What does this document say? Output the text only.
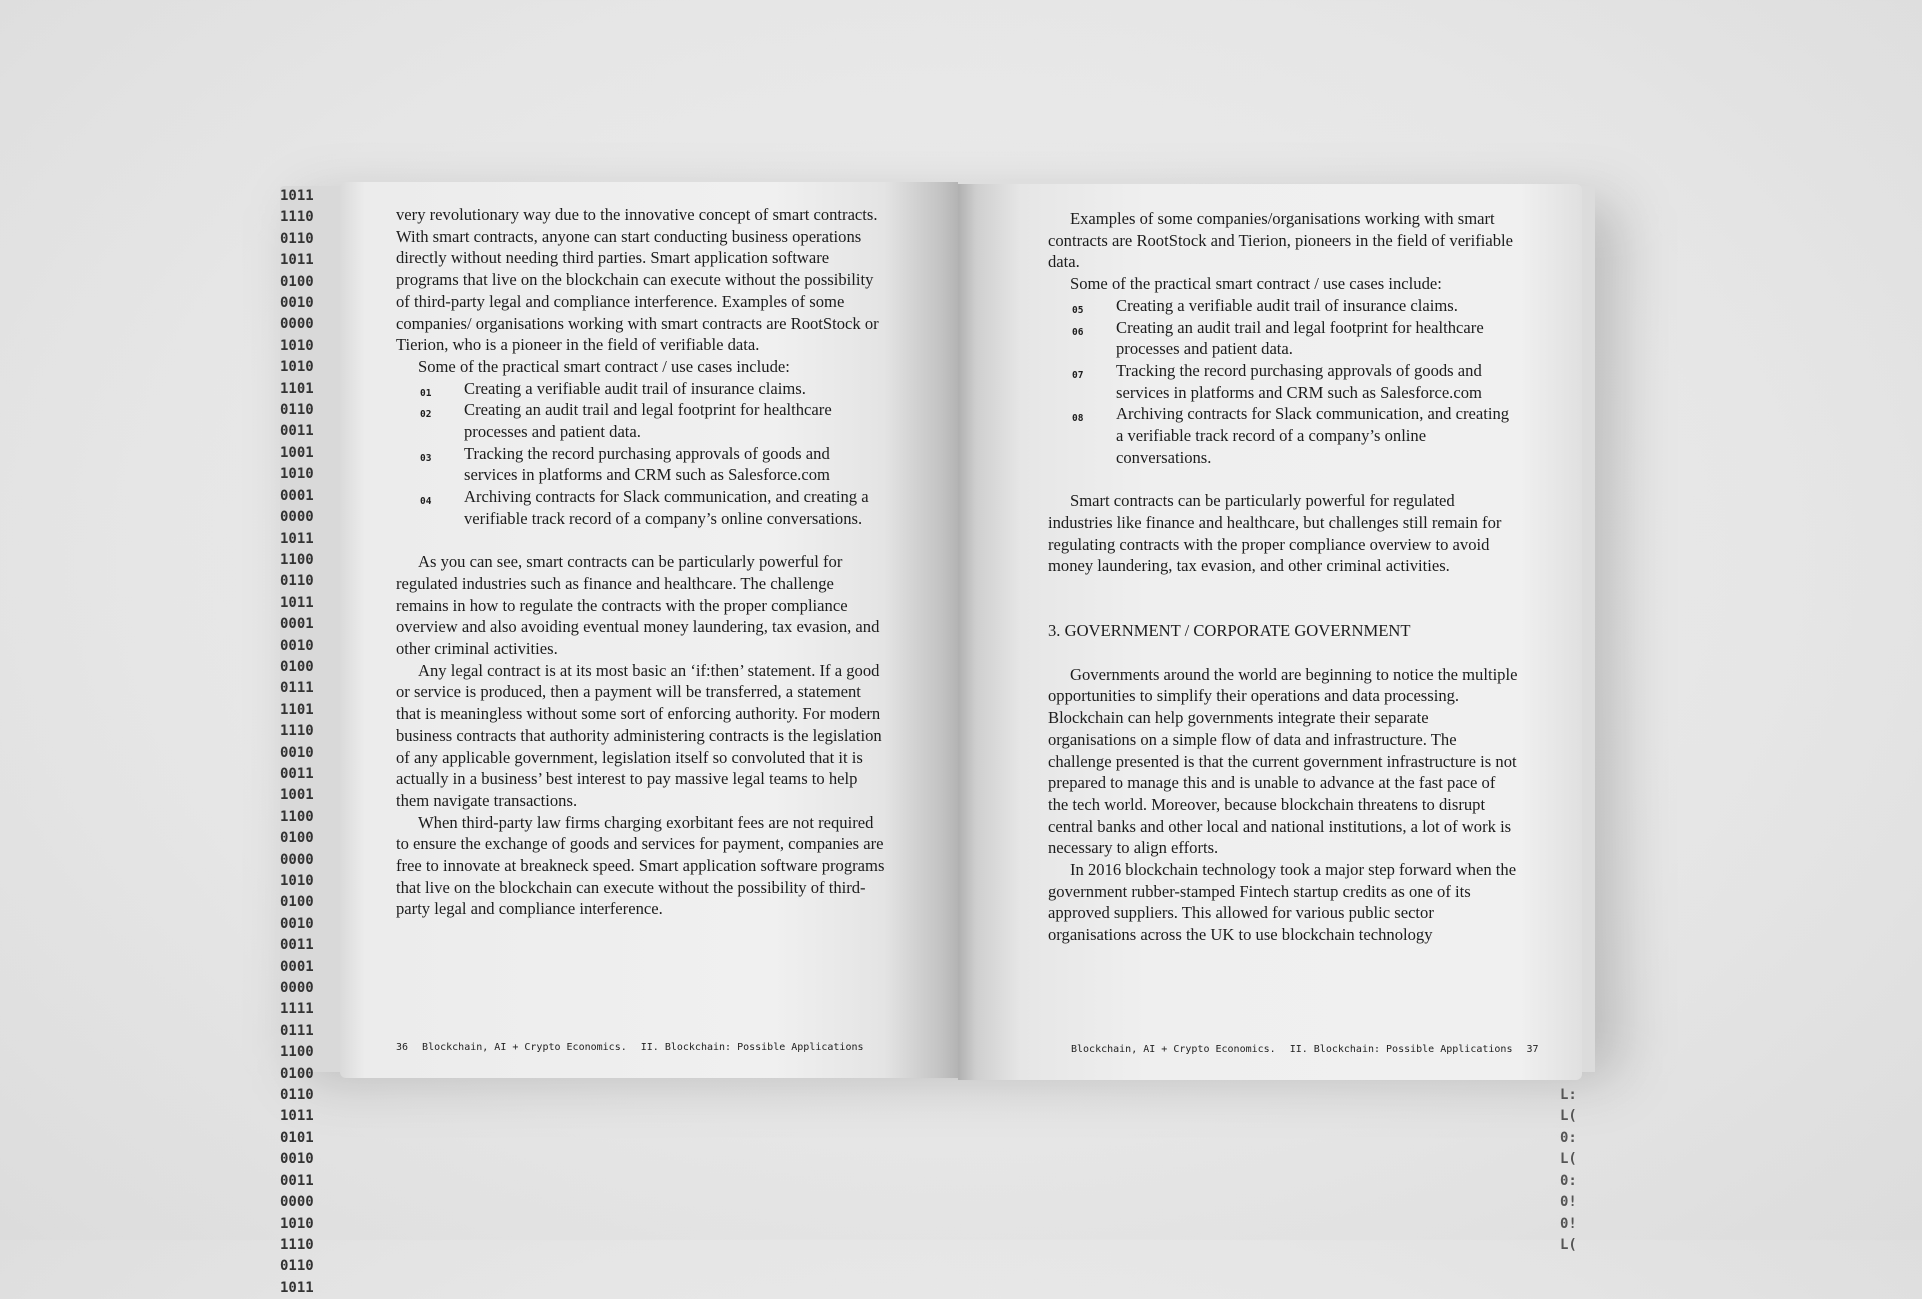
1011
1110
0110
1011
0100
0010
0000
1010
1010
1101
0110
0011
1001
1010
0001
0000
1011
1100
0110
1011
0001
0010
0100
0111
1101
1110
0010
0011
1001
1100
0100
0000
1010
0100
0010
0011
0001
0000
1111
0111
1100
0100
0110
1011
0101
0010
0011
0000
1010
1110
0110
1011

L:
L(
0:
L(
0:
0!
0!
L(

very revolutionary way due to the innovative concept of smart contracts. With smart contracts, anyone can start conducting business operations directly without needing third parties. Smart application software programs that live on the blockchain can execute without the possibility of third-party legal and compliance interference. Examples of some companies/ organisations working with smart contracts are RootStock or Tierion, who is a pioneer in the field of verifiable data.

Some of the practical smart contract / use cases include:

01 Creating a verifiable audit trail of insurance claims.
02 Creating an audit trail and legal footprint for healthcare processes and patient data.
03 Tracking the record purchasing approvals of goods and services in platforms and CRM such as Salesforce.com
04 Archiving contracts for Slack communication, and creating a verifiable track record of a company’s online conversations.

As you can see, smart contracts can be particularly powerful for regulated industries such as finance and healthcare. The challenge remains in how to regulate the contracts with the proper compliance overview and also avoiding eventual money laundering, tax evasion, and other criminal activities.

Any legal contract is at its most basic an ‘if:then’ statement. If a good or service is produced, then a payment will be transferred, a statement that is meaningless without some sort of enforcing authority. For modern business contracts that authority administering contracts is the legislation of any applicable government, legislation itself so convoluted that it is actually in a business’ best interest to pay massive legal teams to help them navigate transactions.

When third-party law firms charging exorbitant fees are not required to ensure the exchange of goods and services for payment, companies are free to innovate at breakneck speed. Smart application software programs that live on the blockchain can execute without the possibility of third-party legal and compliance interference.

36 Blockchain, AI + Crypto Economics. II. Blockchain: Possible Applications

Examples of some companies/organisations working with smart contracts are RootStock and Tierion, pioneers in the field of verifiable data.

Some of the practical smart contract / use cases include:

05 Creating a verifiable audit trail of insurance claims.
06 Creating an audit trail and legal footprint for healthcare processes and patient data.
07 Tracking the record purchasing approvals of goods and services in platforms and CRM such as Salesforce.com
08 Archiving contracts for Slack communication, and creating a verifiable track record of a company’s online conversations.

Smart contracts can be particularly powerful for regulated industries like finance and healthcare, but challenges still remain for regulating contracts with the proper compliance overview to avoid money laundering, tax evasion, and other criminal activities.

3. GOVERNMENT / CORPORATE GOVERNMENT

Governments around the world are beginning to notice the multiple opportunities to simplify their operations and data processing. Blockchain can help governments integrate their separate organisations on a simple flow of data and infrastructure. The challenge presented is that the current government infrastructure is not prepared to manage this and is unable to advance at the fast pace of the tech world. Moreover, because blockchain threatens to disrupt central banks and other local and national institutions, a lot of work is necessary to align efforts.

In 2016 blockchain technology took a major step forward when the government rubber-stamped Fintech startup credits as one of its approved suppliers. This allowed for various public sector organisations across the UK to use blockchain technology

Blockchain, AI + Crypto Economics. II. Blockchain: Possible Applications 37
